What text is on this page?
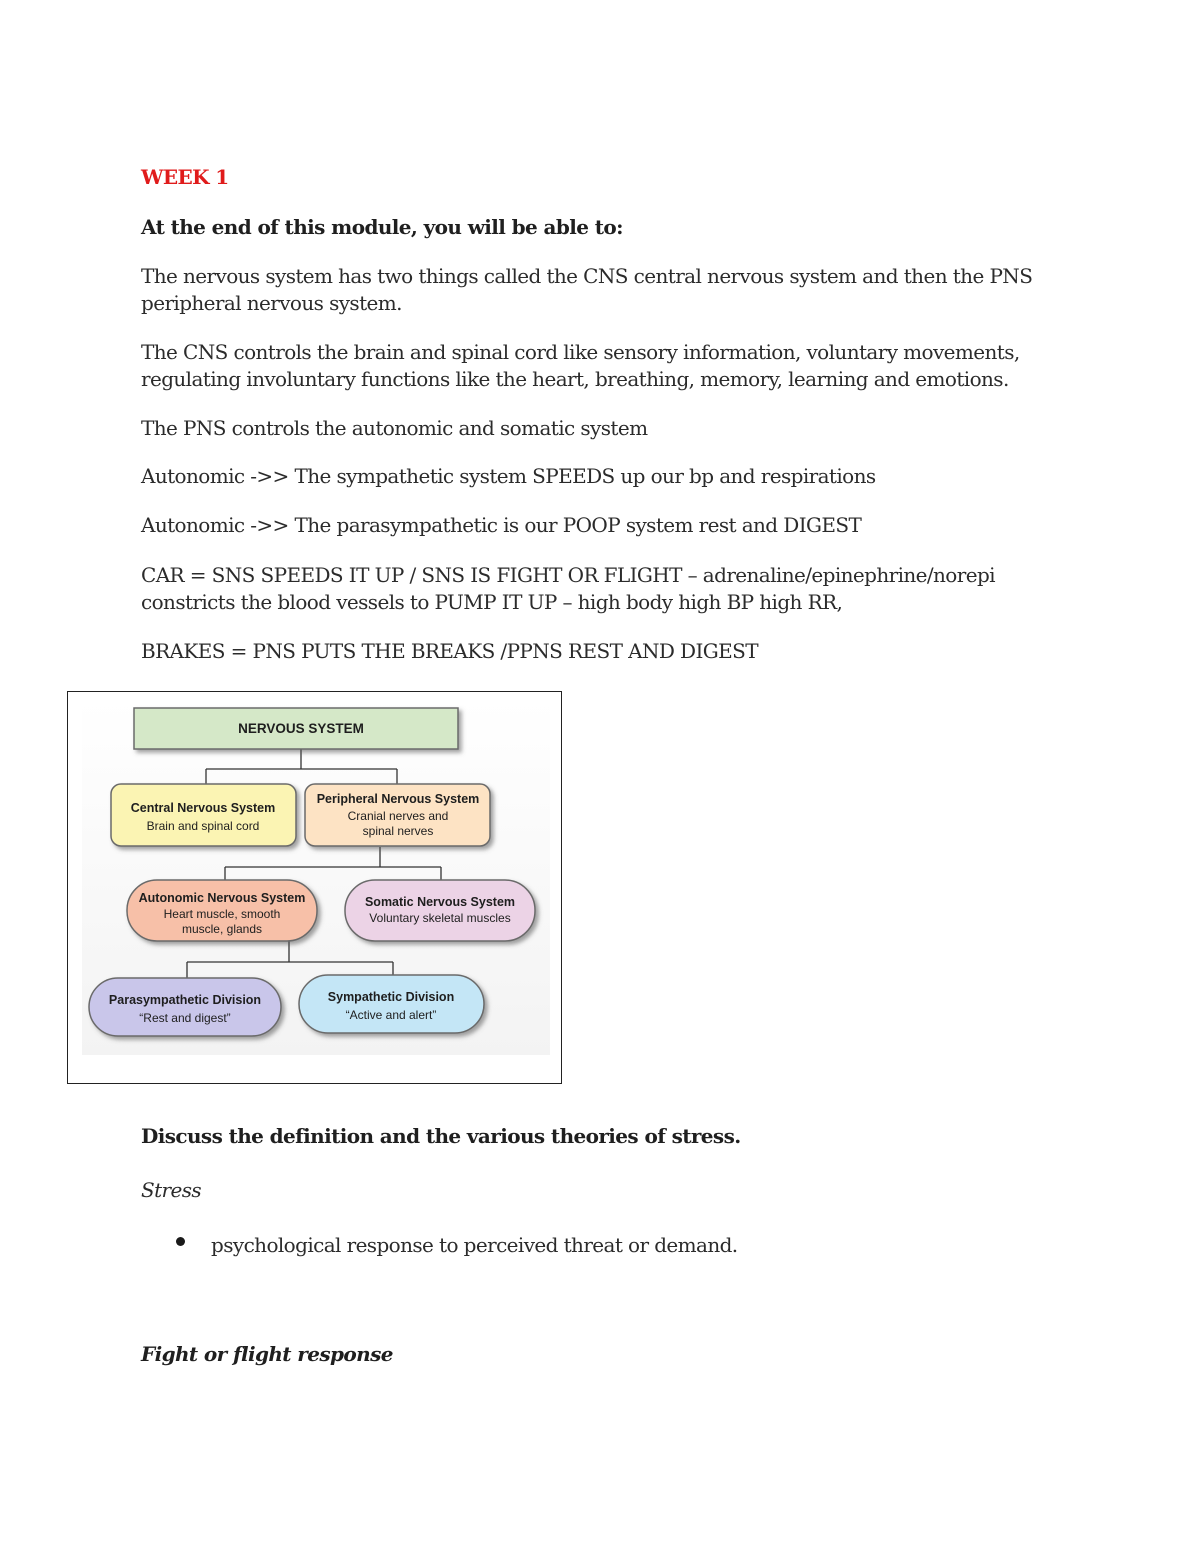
WEEK 1

At the end of this module, you will be able to:

The nervous system has two things called the CNS central nervous system and then the PNS

peripheral nervous system.

The CNS controls the brain and spinal cord like sensory information, voluntary movements,

regulating involuntary functions like the heart, breathing, memory, learning and emotions.

The PNS controls the autonomic and somatic system

Autonomic ->> The sympathetic system SPEEDS up our bp and respirations

Autonomic ->> The parasympathetic is our POOP system rest and DIGEST

CAR = SNS SPEEDS IT UP / SNS IS FIGHT OR FLIGHT – adrenaline/epinephrine/norepi

constricts the blood vessels to PUMP IT UP – high body high BP high RR,

BRAKES = PNS PUTS THE BREAKS /PPNS REST AND DIGEST

NERVOUS SYSTEM
Central Nervous System
Brain and spinal cord
Peripheral Nervous System
Cranial nerves and
spinal nerves
Autonomic Nervous System
Heart muscle, smooth
muscle, glands
Somatic Nervous System
Voluntary skeletal muscles
Parasympathetic Division
“Rest and digest”
Sympathetic Division
“Active and alert”

Discuss the definition and the various theories of stress.

Stress

psychological response to perceived threat or demand.

Fight or flight response
